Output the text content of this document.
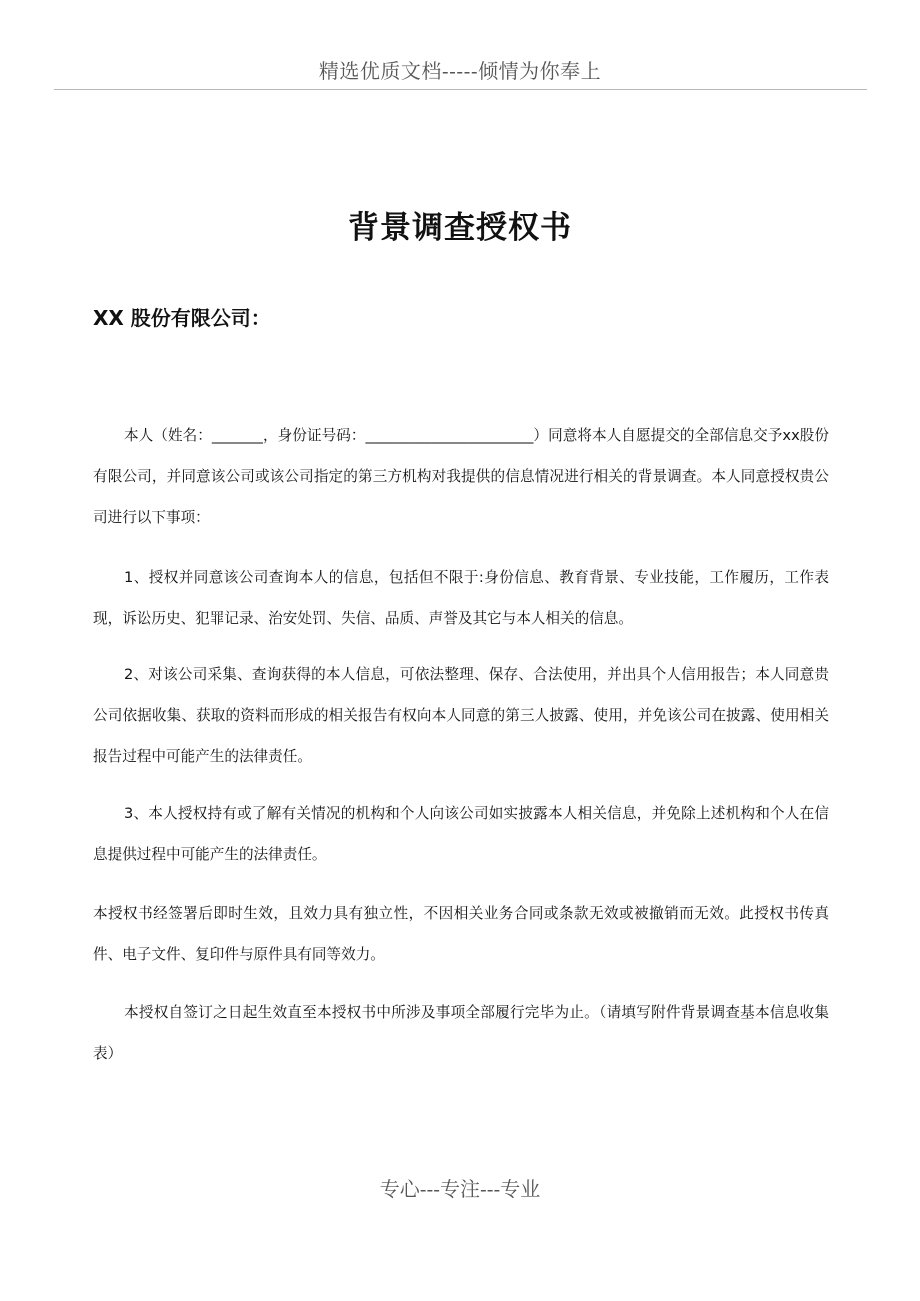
精选优质文档-----倾情为你奉上
背景调查授权书
XX 股份有限公司：

本人（姓名：_______，身份证号码：_______________________）同意将本人自愿提交的全部信息交予xx股份有限公司，并同意该公司或该公司指定的第三方机构对我提供的信息情况进行相关的背景调查。本人同意授权贵公司进行以下事项：

1、授权并同意该公司查询本人的信息，包括但不限于:身份信息、教育背景、专业技能，工作履历，工作表现，诉讼历史、犯罪记录、治安处罚、失信、品质、声誉及其它与本人相关的信息。

2、对该公司采集、查询获得的本人信息，可依法整理、保存、合法使用，并出具个人信用报告；本人同意贵公司依据收集、获取的资料而形成的相关报告有权向本人同意的第三人披露、使用，并免该公司在披露、使用相关报告过程中可能产生的法律责任。

3、本人授权持有或了解有关情况的机构和个人向该公司如实披露本人相关信息，并免除上述机构和个人在信息提供过程中可能产生的法律责任。

本授权书经签署后即时生效，且效力具有独立性，不因相关业务合同或条款无效或被撤销而无效。此授权书传真件、电子文件、复印件与原件具有同等效力。

本授权自签订之日起生效直至本授权书中所涉及事项全部履行完毕为止。（请填写附件背景调查基本信息收集表）

专心---专注---专业
